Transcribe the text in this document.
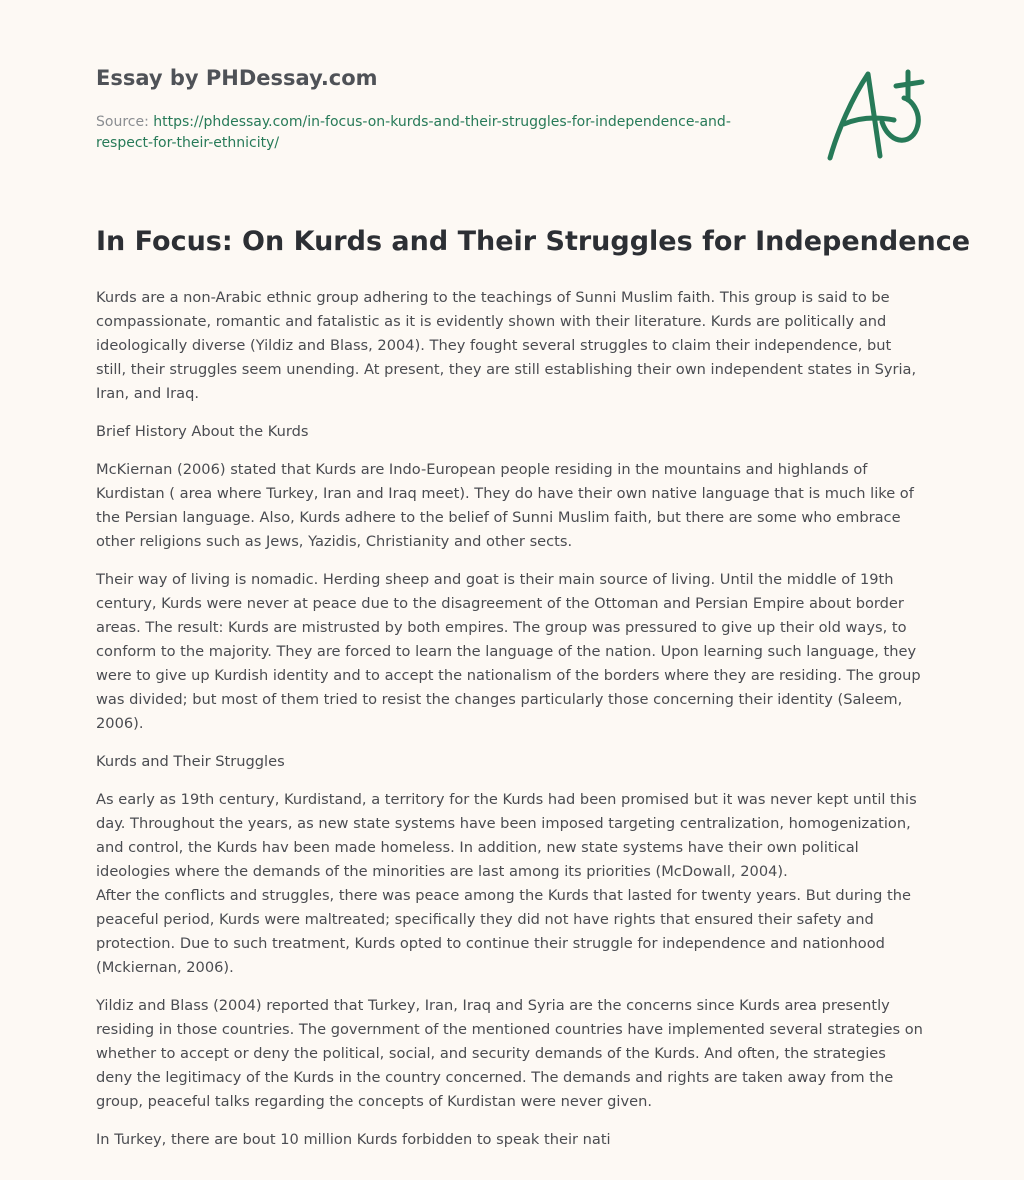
Essay by PHDessay.com
Source: https://phdessay.com/in-focus-on-kurds-and-their-struggles-for-independence-and-respect-for-their-ethnicity/
In Focus: On Kurds and Their Struggles for Independence

Kurds are a non-Arabic ethnic group adhering to the teachings of Sunni Muslim faith. This group is said to be compassionate, romantic and fatalistic as it is evidently shown with their literature. Kurds are politically and ideologically diverse (Yildiz and Blass, 2004). They fought several struggles to claim their independence, but still, their struggles seem unending. At present, they are still establishing their own independent states in Syria, Iran, and Iraq.

Brief History About the Kurds

McKiernan (2006) stated that Kurds are Indo-European people residing in the mountains and highlands of Kurdistan ( area where Turkey, Iran and Iraq meet). They do have their own native language that is much like of the Persian language. Also, Kurds adhere to the belief of Sunni Muslim faith, but there are some who embrace other religions such as Jews, Yazidis, Christianity and other sects.

Their way of living is nomadic. Herding sheep and goat is their main source of living. Until the middle of 19th century, Kurds were never at peace due to the disagreement of the Ottoman and Persian Empire about border areas. The result: Kurds are mistrusted by both empires. The group was pressured to give up their old ways, to conform to the majority. They are forced to learn the language of the nation. Upon learning such language, they were to give up Kurdish identity and to accept the nationalism of the borders where they are residing. The group was divided; but most of them tried to resist the changes particularly those concerning their identity (Saleem, 2006).

Kurds and Their Struggles

As early as 19th century, Kurdistand, a territory for the Kurds had been promised but it was never kept until this day. Throughout the years, as new state systems have been imposed targeting centralization, homogenization, and control, the Kurds hav been made homeless. In addition, new state systems have their own political ideologies where the demands of the minorities are last among its priorities (McDowall, 2004).

After the conflicts and struggles, there was peace among the Kurds that lasted for twenty years. But during the peaceful period, Kurds were maltreated; specifically they did not have rights that ensured their safety and protection. Due to such treatment, Kurds opted to continue their struggle for independence and nationhood (Mckiernan, 2006).

Yildiz and Blass (2004) reported that Turkey, Iran, Iraq and Syria are the concerns since Kurds area presently residing in those countries. The government of the mentioned countries have implemented several strategies on whether to accept or deny the political, social, and security demands of the Kurds. And often, the strategies deny the legitimacy of the Kurds in the country concerned. The demands and rights are taken away from the group, peaceful talks regarding the concepts of Kurdistan were never given.

In Turkey, there are bout 10 million Kurds forbidden to speak their nati
